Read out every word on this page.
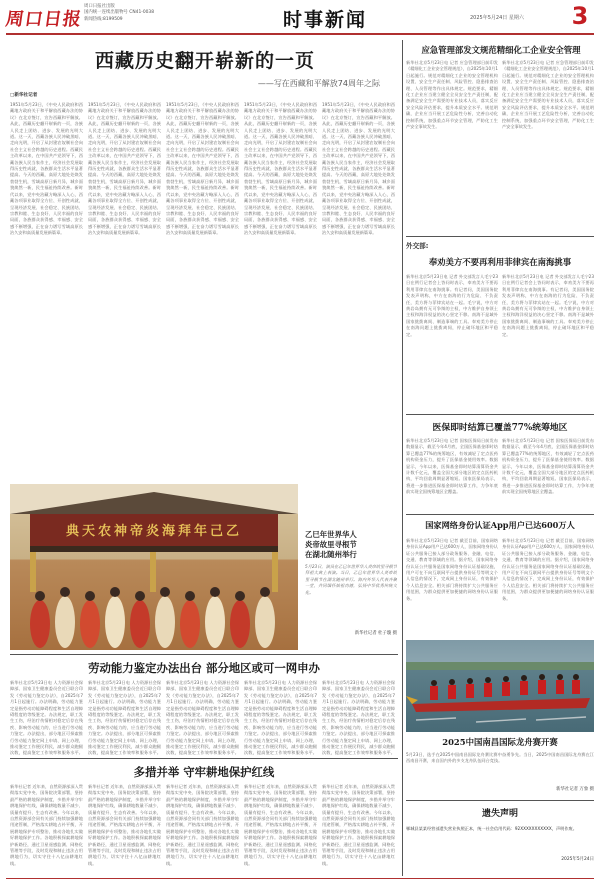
周口日报
周口日报社出版
国内统一连续出版物号 CN41-0038
新闻热线:8199509	时事新闻	2025年5月24日 星期六 3
西藏历史翻开崭新的一页
——写在西藏和平解放74周年之际
□新华社记者
1951年5月23日，《中央人民政府和西藏地方政府关于和平解放西藏办法的协议》在北京签订，宣告西藏和平解放。从此，西藏历史翻开崭新的一页，各族人民走上团结、进步、发展的光明大道。这一天，西藏各族人民冲破黑暗、走向光明，开启了从封建农奴制社会向社会主义社会跨越的历史进程。西藏民主改革以来，在中国共产党领导下，西藏各族人民当家作主，经济社会发展取得历史性成就，各族群众生活水平显著提高。今天的西藏，高原大地处处焕发勃勃生机，雪域高原日新月异，城乡面貌焕然一新，民生福祉持续改善。新时代以来，党中央治藏方略深入人心，西藏各项事业取得全方位、开创性成就，呈现经济发展、社会稳定、民族团结、宗教和睦、生态良好、人民幸福的良好局面，各族群众获得感、幸福感、安全感不断增强，正在奋力谱写雪域高原长治久安和高质量发展新篇章。
1951年5月23日，《中央人民政府和西藏地方政府关于和平解放西藏办法的协议》在北京签订，宣告西藏和平解放。从此，西藏历史翻开崭新的一页，各族人民走上团结、进步、发展的光明大道。这一天，西藏各族人民冲破黑暗、走向光明，开启了从封建农奴制社会向社会主义社会跨越的历史进程。西藏民主改革以来，在中国共产党领导下，西藏各族人民当家作主，经济社会发展取得历史性成就，各族群众生活水平显著提高。今天的西藏，高原大地处处焕发勃勃生机，雪域高原日新月异，城乡面貌焕然一新，民生福祉持续改善。新时代以来，党中央治藏方略深入人心，西藏各项事业取得全方位、开创性成就，呈现经济发展、社会稳定、民族团结、宗教和睦、生态良好、人民幸福的良好局面，各族群众获得感、幸福感、安全感不断增强，正在奋力谱写雪域高原长治久安和高质量发展新篇章。
1951年5月23日，《中央人民政府和西藏地方政府关于和平解放西藏办法的协议》在北京签订，宣告西藏和平解放。从此，西藏历史翻开崭新的一页，各族人民走上团结、进步、发展的光明大道。这一天，西藏各族人民冲破黑暗、走向光明，开启了从封建农奴制社会向社会主义社会跨越的历史进程。西藏民主改革以来，在中国共产党领导下，西藏各族人民当家作主，经济社会发展取得历史性成就，各族群众生活水平显著提高。今天的西藏，高原大地处处焕发勃勃生机，雪域高原日新月异，城乡面貌焕然一新，民生福祉持续改善。新时代以来，党中央治藏方略深入人心，西藏各项事业取得全方位、开创性成就，呈现经济发展、社会稳定、民族团结、宗教和睦、生态良好、人民幸福的良好局面，各族群众获得感、幸福感、安全感不断增强，正在奋力谱写雪域高原长治久安和高质量发展新篇章。
1951年5月23日，《中央人民政府和西藏地方政府关于和平解放西藏办法的协议》在北京签订，宣告西藏和平解放。从此，西藏历史翻开崭新的一页，各族人民走上团结、进步、发展的光明大道。这一天，西藏各族人民冲破黑暗、走向光明，开启了从封建农奴制社会向社会主义社会跨越的历史进程。西藏民主改革以来，在中国共产党领导下，西藏各族人民当家作主，经济社会发展取得历史性成就，各族群众生活水平显著提高。今天的西藏，高原大地处处焕发勃勃生机，雪域高原日新月异，城乡面貌焕然一新，民生福祉持续改善。新时代以来，党中央治藏方略深入人心，西藏各项事业取得全方位、开创性成就，呈现经济发展、社会稳定、民族团结、宗教和睦、生态良好、人民幸福的良好局面，各族群众获得感、幸福感、安全感不断增强，正在奋力谱写雪域高原长治久安和高质量发展新篇章。
1951年5月23日，《中央人民政府和西藏地方政府关于和平解放西藏办法的协议》在北京签订，宣告西藏和平解放。从此，西藏历史翻开崭新的一页，各族人民走上团结、进步、发展的光明大道。这一天，西藏各族人民冲破黑暗、走向光明，开启了从封建农奴制社会向社会主义社会跨越的历史进程。西藏民主改革以来，在中国共产党领导下，西藏各族人民当家作主，经济社会发展取得历史性成就，各族群众生活水平显著提高。今天的西藏，高原大地处处焕发勃勃生机，雪域高原日新月异，城乡面貌焕然一新，民生福祉持续改善。新时代以来，党中央治藏方略深入人心，西藏各项事业取得全方位、开创性成就，呈现经济发展、社会稳定、民族团结、宗教和睦、生态良好、人民幸福的良好局面，各族群众获得感、幸福感、安全感不断增强，正在奋力谱写雪域高原长治久安和高质量发展新篇章。
典天农神帝炎海拜年己乙	乙巳年世界华人
炎帝故里寻根节
在湖北随州举行
5月23日，演员在乙巳年世界华人炎帝故里寻根节拜祖大典上表演。当日，乙巳年世界华人炎帝故里寻根节在湖北随州举行。海内外华人代表齐聚一堂，共同缅怀始祖功德，弘扬中华优秀传统文化。
新华社记者 杜子璇 摄
劳动能力鉴定办法出台 部分地区或可一网申办
新华社北京5月23日电 人力资源社会保障部、国家卫生健康委员会近日联合印发《劳动能力鉴定办法》，自2025年7月1日起施行。办法明确，劳动能力鉴定是指劳动功能障碍程度和生活自理障碍程度的等级鉴定。办法规定，职工发生工伤，经治疗伤情相对稳定后存在残疾、影响劳动能力的，应当进行劳动能力鉴定。办法提出，部分地区可探索推行劳动能力鉴定网上申请、网上办理，推动鉴定工作便民利民，减少群众跑腿次数，提高鉴定工作效率和服务水平。
新华社北京5月23日电 人力资源社会保障部、国家卫生健康委员会近日联合印发《劳动能力鉴定办法》，自2025年7月1日起施行。办法明确，劳动能力鉴定是指劳动功能障碍程度和生活自理障碍程度的等级鉴定。办法规定，职工发生工伤，经治疗伤情相对稳定后存在残疾、影响劳动能力的，应当进行劳动能力鉴定。办法提出，部分地区可探索推行劳动能力鉴定网上申请、网上办理，推动鉴定工作便民利民，减少群众跑腿次数，提高鉴定工作效率和服务水平。
新华社北京5月23日电 人力资源社会保障部、国家卫生健康委员会近日联合印发《劳动能力鉴定办法》，自2025年7月1日起施行。办法明确，劳动能力鉴定是指劳动功能障碍程度和生活自理障碍程度的等级鉴定。办法规定，职工发生工伤，经治疗伤情相对稳定后存在残疾、影响劳动能力的，应当进行劳动能力鉴定。办法提出，部分地区可探索推行劳动能力鉴定网上申请、网上办理，推动鉴定工作便民利民，减少群众跑腿次数，提高鉴定工作效率和服务水平。
新华社北京5月23日电 人力资源社会保障部、国家卫生健康委员会近日联合印发《劳动能力鉴定办法》，自2025年7月1日起施行。办法明确，劳动能力鉴定是指劳动功能障碍程度和生活自理障碍程度的等级鉴定。办法规定，职工发生工伤，经治疗伤情相对稳定后存在残疾、影响劳动能力的，应当进行劳动能力鉴定。办法提出，部分地区可探索推行劳动能力鉴定网上申请、网上办理，推动鉴定工作便民利民，减少群众跑腿次数，提高鉴定工作效率和服务水平。
新华社北京5月23日电 人力资源社会保障部、国家卫生健康委员会近日联合印发《劳动能力鉴定办法》，自2025年7月1日起施行。办法明确，劳动能力鉴定是指劳动功能障碍程度和生活自理障碍程度的等级鉴定。办法规定，职工发生工伤，经治疗伤情相对稳定后存在残疾、影响劳动能力的，应当进行劳动能力鉴定。办法提出，部分地区可探索推行劳动能力鉴定网上申请、网上办理，推动鉴定工作便民利民，减少群众跑腿次数，提高鉴定工作效率和服务水平。
多措并举 守牢耕地保护红线
新华社记者 近年来，自然资源部深入贯彻落实党中央、国务院决策部署，坚持最严格的耕地保护制度，多措并举守牢耕地保护红线，确保耕地数量不减少、质量有提升、生态有改善。今年以来，自然资源部会同有关部门持续加强耕地用途管制，严格落实耕地占补平衡，开展耕地保护专项整治，推动各地扎实做好耕地保护工作。各地积极探索耕地保护新路径，通过卫星遥感监测、网格化管理等手段，及时发现和制止违法占用耕地行为，切实守住十八亿亩耕地红线。
新华社记者 近年来，自然资源部深入贯彻落实党中央、国务院决策部署，坚持最严格的耕地保护制度，多措并举守牢耕地保护红线，确保耕地数量不减少、质量有提升、生态有改善。今年以来，自然资源部会同有关部门持续加强耕地用途管制，严格落实耕地占补平衡，开展耕地保护专项整治，推动各地扎实做好耕地保护工作。各地积极探索耕地保护新路径，通过卫星遥感监测、网格化管理等手段，及时发现和制止违法占用耕地行为，切实守住十八亿亩耕地红线。
新华社记者 近年来，自然资源部深入贯彻落实党中央、国务院决策部署，坚持最严格的耕地保护制度，多措并举守牢耕地保护红线，确保耕地数量不减少、质量有提升、生态有改善。今年以来，自然资源部会同有关部门持续加强耕地用途管制，严格落实耕地占补平衡，开展耕地保护专项整治，推动各地扎实做好耕地保护工作。各地积极探索耕地保护新路径，通过卫星遥感监测、网格化管理等手段，及时发现和制止违法占用耕地行为，切实守住十八亿亩耕地红线。
新华社记者 近年来，自然资源部深入贯彻落实党中央、国务院决策部署，坚持最严格的耕地保护制度，多措并举守牢耕地保护红线，确保耕地数量不减少、质量有提升、生态有改善。今年以来，自然资源部会同有关部门持续加强耕地用途管制，严格落实耕地占补平衡，开展耕地保护专项整治，推动各地扎实做好耕地保护工作。各地积极探索耕地保护新路径，通过卫星遥感监测、网格化管理等手段，及时发现和制止违法占用耕地行为，切实守住十八亿亩耕地红线。
新华社记者 近年来，自然资源部深入贯彻落实党中央、国务院决策部署，坚持最严格的耕地保护制度，多措并举守牢耕地保护红线，确保耕地数量不减少、质量有提升、生态有改善。今年以来，自然资源部会同有关部门持续加强耕地用途管制，严格落实耕地占补平衡，开展耕地保护专项整治，推动各地扎实做好耕地保护工作。各地积极探索耕地保护新路径，通过卫星遥感监测、网格化管理等手段，及时发现和制止违法占用耕地行为，切实守住十八亿亩耕地红线。
应急管理部发文规范精细化工企业安全管理
新华社北京5月23日电 记者 应急管理部日前印发《精细化工企业安全管理规范》，自2025年10月1日起施行。规范对精细化工企业的安全管理机构设置、安全生产责任制、风险管控、隐患排查治理、人员管理等作出具体规定。规范要求，精细化工企业应当建立健全全员安全生产责任制，配备满足安全生产需要的专业技术人员，落实反应安全风险评估要求，提升本质安全水平。规范明确，企业应当开展工艺危险性分析，完善自动化控制系统，加强重点环节安全管理，严防化工生产安全事故发生。
新华社北京5月23日电 记者 应急管理部日前印发《精细化工企业安全管理规范》，自2025年10月1日起施行。规范对精细化工企业的安全管理机构设置、安全生产责任制、风险管控、隐患排查治理、人员管理等作出具体规定。规范要求，精细化工企业应当建立健全全员安全生产责任制，配备满足安全生产需要的专业技术人员，落实反应安全风险评估要求，提升本质安全水平。规范明确，企业应当开展工艺危险性分析，完善自动化控制系统，加强重点环节安全管理，严防化工生产安全事故发生。
外交部:
奉劝美方不要再利用菲律宾在南海挑事
新华社北京5月23日电 记者 外交部发言人毛宁23日在例行记者会上答问时表示，奉劝美方不要再利用菲律宾在南海挑事。有记者问，美国国务院发表声明称，中方在南海的行为危险、不负责任，美方将与菲律宾站在一起。毛宁说，中方对黄岩岛拥有无可争辩的主权，中方维护自身领土主权和海洋权益的决心坚定不移。南海不是域外国家挑拨离间、制造事端的工具。奉劝美方停止在南海问题上挑拨离间，停止破坏地区和平稳定。
新华社北京5月23日电 记者 外交部发言人毛宁23日在例行记者会上答问时表示，奉劝美方不要再利用菲律宾在南海挑事。有记者问，美国国务院发表声明称，中方在南海的行为危险、不负责任，美方将与菲律宾站在一起。毛宁说，中方对黄岩岛拥有无可争辩的主权，中方维护自身领土主权和海洋权益的决心坚定不移。南海不是域外国家挑拨离间、制造事端的工具。奉劝美方停止在南海问题上挑拨离间，停止破坏地区和平稳定。
医保即时结算已覆盖77%统筹地区
新华社北京5月23日电 记者 国家医保局日前发布数据显示，截至今年4月底，全国医保基金即时结算已覆盖77%的统筹地区，有效减轻了定点医药机构资金压力，提升了医保基金使用效率。数据显示，今年以来，医保基金即时结算清算资金共计数千亿元，覆盖全国大部分地区的定点医药机构，平均回款周期显著缩短。国家医保局表示，将进一步推进医保基金即时结算工作，力争年底前实现全国统筹地区全覆盖。
新华社北京5月23日电 记者 国家医保局日前发布数据显示，截至今年4月底，全国医保基金即时结算已覆盖77%的统筹地区，有效减轻了定点医药机构资金压力，提升了医保基金使用效率。数据显示，今年以来，医保基金即时结算清算资金共计数千亿元，覆盖全国大部分地区的定点医药机构，平均回款周期显著缩短。国家医保局表示，将进一步推进医保基金即时结算工作，力争年底前实现全国统筹地区全覆盖。
国家网络身份认证App用户已达600万人
新华社北京5月23日电 记者 截至目前，国家网络身份认证App用户已达600万人，国家网络身份认证公共服务已接入部分政务服务、金融、电信、交通、教育等领域的应用。据介绍，国家网络身份认证公共服务是国家网络身份认证基础设施，用户可在不向互联网平台提供身份证号等明文个人信息的情况下，完成网上身份认证，有效保护个人信息安全。相关部门将持续扩大公共服务应用范围，为群众提供更加便捷的网络身份认证服务。
新华社北京5月23日电 记者 截至目前，国家网络身份认证App用户已达600万人，国家网络身份认证公共服务已接入部分政务服务、金融、电信、交通、教育等领域的应用。据介绍，国家网络身份认证公共服务是国家网络身份认证基础设施，用户可在不向互联网平台提供身份证号等明文个人信息的情况下，完成网上身份认证，有效保护个人信息安全。相关部门将持续扩大公共服务应用范围，为群众提供更加便捷的网络身份认证服务。
2025中国南昌国际龙舟赛开赛
5月23日，选手在2025中国南昌国际龙舟赛比赛中奋勇争先。当日，2025中国南昌国际龙舟赛在江西南昌开赛，来自国内外的多支龙舟队伍同台竞技。
新华社记者 万象 摄
遗失声明
郸城县某某经营部遗失营业执照正本，统一社会信用代码：92XXXXXXXXXXX，声明作废。
2025年5月24日
